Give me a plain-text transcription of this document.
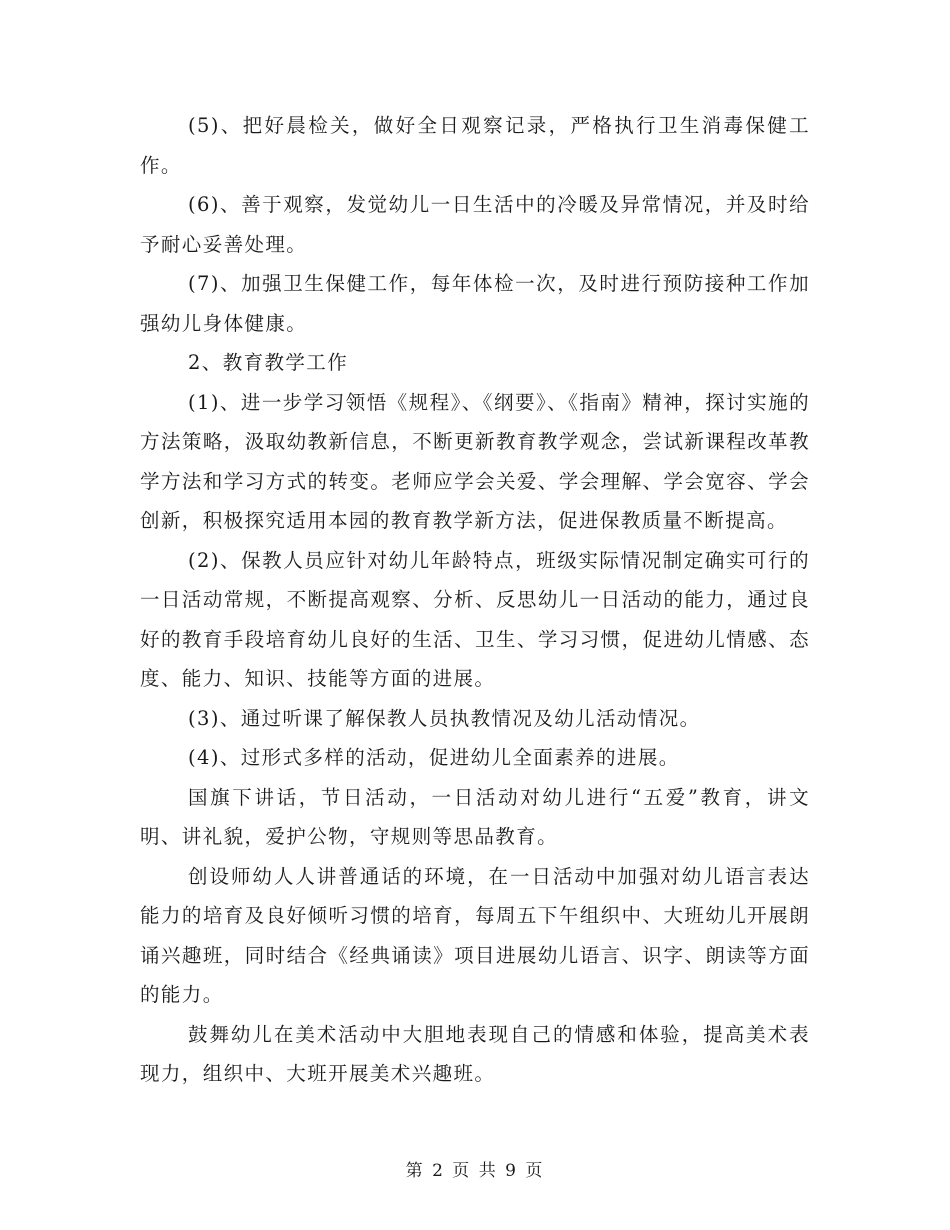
(5)、把好晨检关，做好全日观察记录，严格执行卫生消毒保健工作。

(6)、善于观察，发觉幼儿一日生活中的冷暖及异常情况，并及时给予耐心妥善处理。

(7)、加强卫生保健工作，每年体检一次，及时进行预防接种工作加强幼儿身体健康。

2、教育教学工作

(1)、进一步学习领悟《规程》、《纲要》、《指南》精神，探讨实施的方法策略，汲取幼教新信息，不断更新教育教学观念，尝试新课程改革教学方法和学习方式的转变。老师应学会关爱、学会理解、学会宽容、学会创新，积极探究适用本园的教育教学新方法，促进保教质量不断提高。

(2)、保教人员应针对幼儿年龄特点，班级实际情况制定确实可行的一日活动常规，不断提高观察、分析、反思幼儿一日活动的能力，通过良好的教育手段培育幼儿良好的生活、卫生、学习习惯，促进幼儿情感、态度、能力、知识、技能等方面的进展。

(3)、通过听课了解保教人员执教情况及幼儿活动情况。

(4)、过形式多样的活动，促进幼儿全面素养的进展。

国旗下讲话，节日活动，一日活动对幼儿进行“五爱”教育，讲文明、讲礼貌，爱护公物，守规则等思品教育。

创设师幼人人讲普通话的环境，在一日活动中加强对幼儿语言表达能力的培育及良好倾听习惯的培育，每周五下午组织中、大班幼儿开展朗诵兴趣班，同时结合《经典诵读》项目进展幼儿语言、识字、朗读等方面的能力。

鼓舞幼儿在美术活动中大胆地表现自己的情感和体验，提高美术表现力，组织中、大班开展美术兴趣班。

第 2 页 共 9 页
